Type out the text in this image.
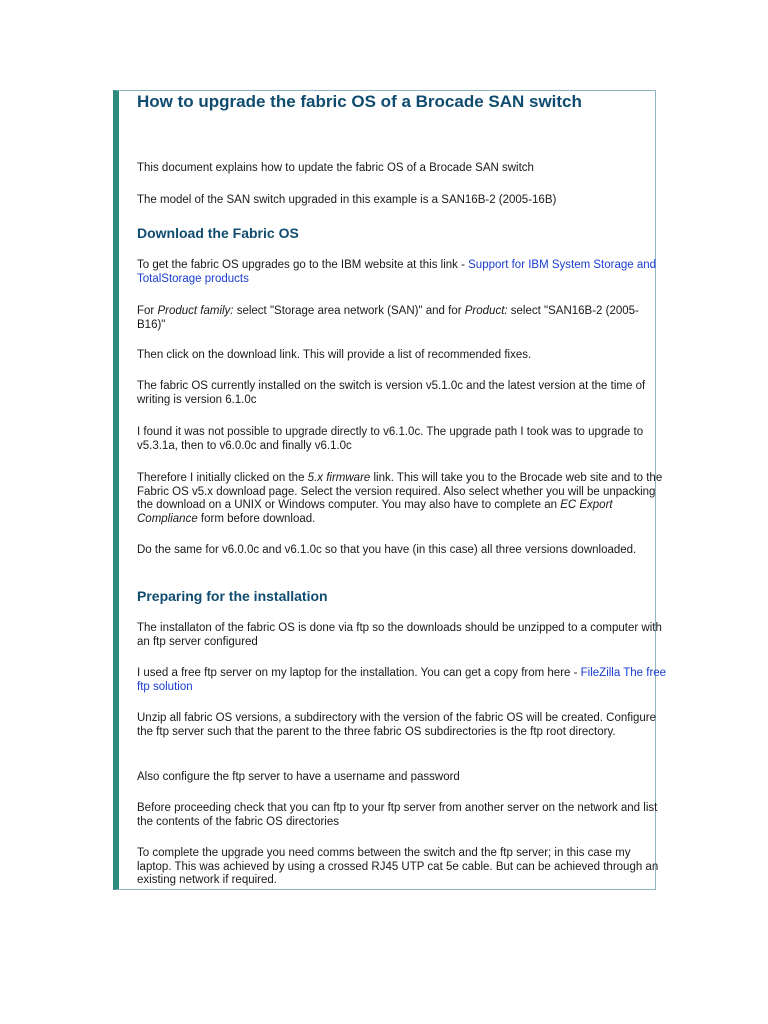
How to upgrade the fabric OS of a Brocade SAN switch

This document explains how to update the fabric OS of a Brocade SAN switch

The model of the SAN switch upgraded in this example is a SAN16B-2 (2005-16B)

Download the Fabric OS

To get the fabric OS upgrades go to the IBM website at this link - Support for IBM System Storage and TotalStorage products

For Product family: select "Storage area network (SAN)" and for Product: select "SAN16B-2 (2005-B16)"

Then click on the download link. This will provide a list of recommended fixes.

The fabric OS currently installed on the switch is version v5.1.0c and the latest version at the time of writing is version 6.1.0c

I found it was not possible to upgrade directly to v6.1.0c. The upgrade path I took was to upgrade to v5.3.1a, then to v6.0.0c and finally v6.1.0c

Therefore I initially clicked on the 5.x firmware link. This will take you to the Brocade web site and to the Fabric OS v5.x download page. Select the version required. Also select whether you will be unpacking the download on a UNIX or Windows computer. You may also have to complete an EC Export Compliance form before download.

Do the same for v6.0.0c and v6.1.0c so that you have (in this case) all three versions downloaded.

Preparing for the installation

The installaton of the fabric OS is done via ftp so the downloads should be unzipped to a computer with an ftp server configured

I used a free ftp server on my laptop for the installation. You can get a copy from here - FileZilla The free ftp solution

Unzip all fabric OS versions, a subdirectory with the version of the fabric OS will be created. Configure the ftp server such that the parent to the three fabric OS subdirectories is the ftp root directory.

Also configure the ftp server to have a username and password

Before proceeding check that you can ftp to your ftp server from another server on the network and list the contents of the fabric OS directories

To complete the upgrade you need comms between the switch and the ftp server; in this case my laptop. This was achieved by using a crossed RJ45 UTP cat 5e cable. But can be achieved through an existing network if required.
